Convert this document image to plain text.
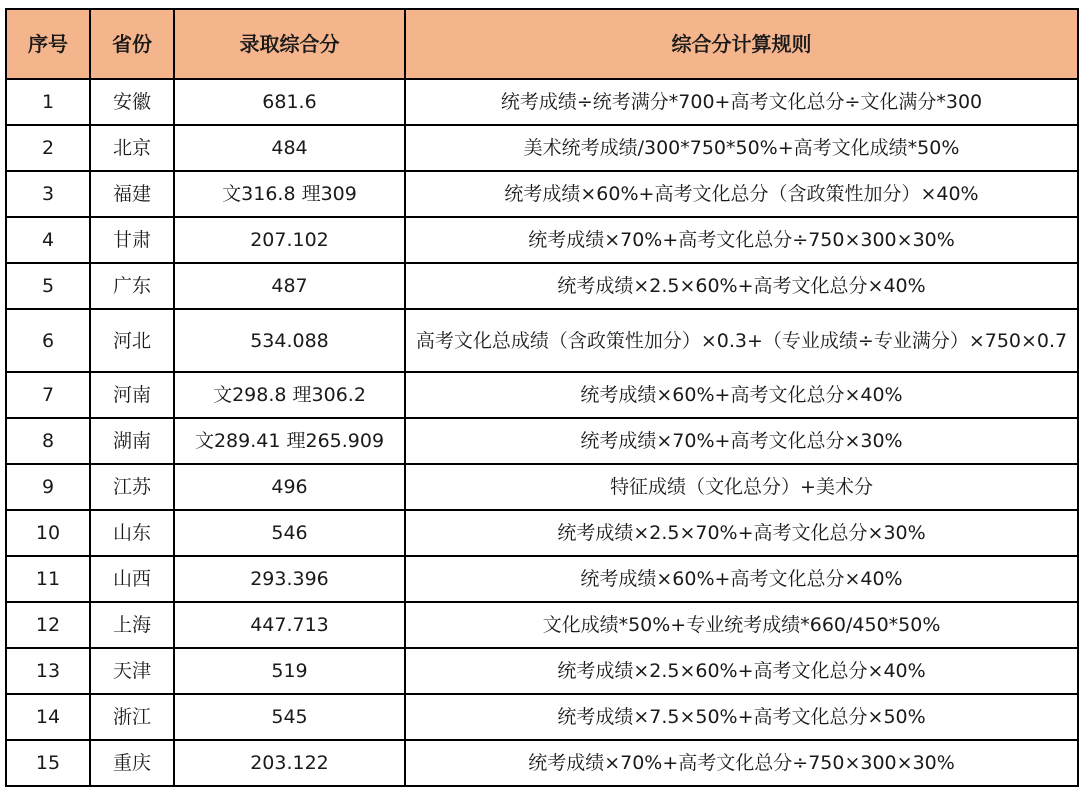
序号	省份	录取综合分	综合分计算规则
1	安徽	681.6	统考成绩÷统考满分*700+高考文化总分÷文化满分*300
2	北京	484	美术统考成绩/300*750*50%+高考文化成绩*50%
3	福建	文316.8 理309	统考成绩×60%+高考文化总分（含政策性加分）×40%
4	甘肃	207.102	统考成绩×70%+高考文化总分÷750×300×30%
5	广东	487	统考成绩×2.5×60%+高考文化总分×40%
6	河北	534.088	高考文化总成绩（含政策性加分）×0.3+（专业成绩÷专业满分）×750×0.7
7	河南	文298.8 理306.2	统考成绩×60%+高考文化总分×40%
8	湖南	文289.41 理265.909	统考成绩×70%+高考文化总分×30%
9	江苏	496	特征成绩（文化总分）+美术分
10	山东	546	统考成绩×2.5×70%+高考文化总分×30%
11	山西	293.396	统考成绩×60%+高考文化总分×40%
12	上海	447.713	文化成绩*50%+专业统考成绩*660/450*50%
13	天津	519	统考成绩×2.5×60%+高考文化总分×40%
14	浙江	545	统考成绩×7.5×50%+高考文化总分×50%
15	重庆	203.122	统考成绩×70%+高考文化总分÷750×300×30%
